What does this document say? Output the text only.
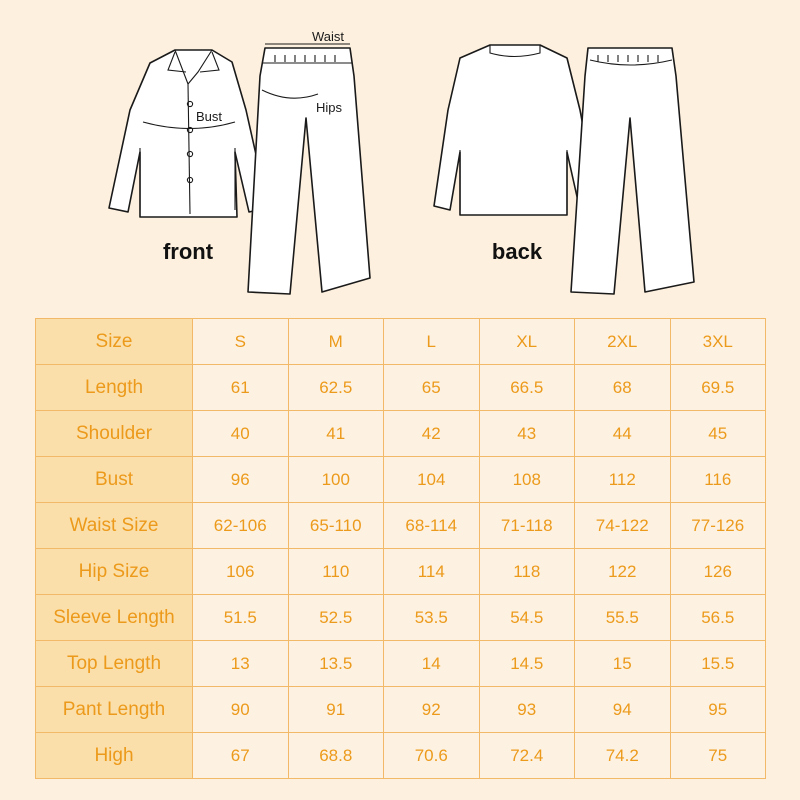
Bust
Waist
Hips
front	back
Size	S	M	L	XL	2XL	3XL
Length	61	62.5	65	66.5	68	69.5
Shoulder	40	41	42	43	44	45
Bust	96	100	104	108	112	116
Waist Size	62-106	65-110	68-114	71-118	74-122	77-126
Hip Size	106	110	114	118	122	126
Sleeve Length	51.5	52.5	53.5	54.5	55.5	56.5
Top Length	13	13.5	14	14.5	15	15.5
Pant Length	90	91	92	93	94	95
High	67	68.8	70.6	72.4	74.2	75
